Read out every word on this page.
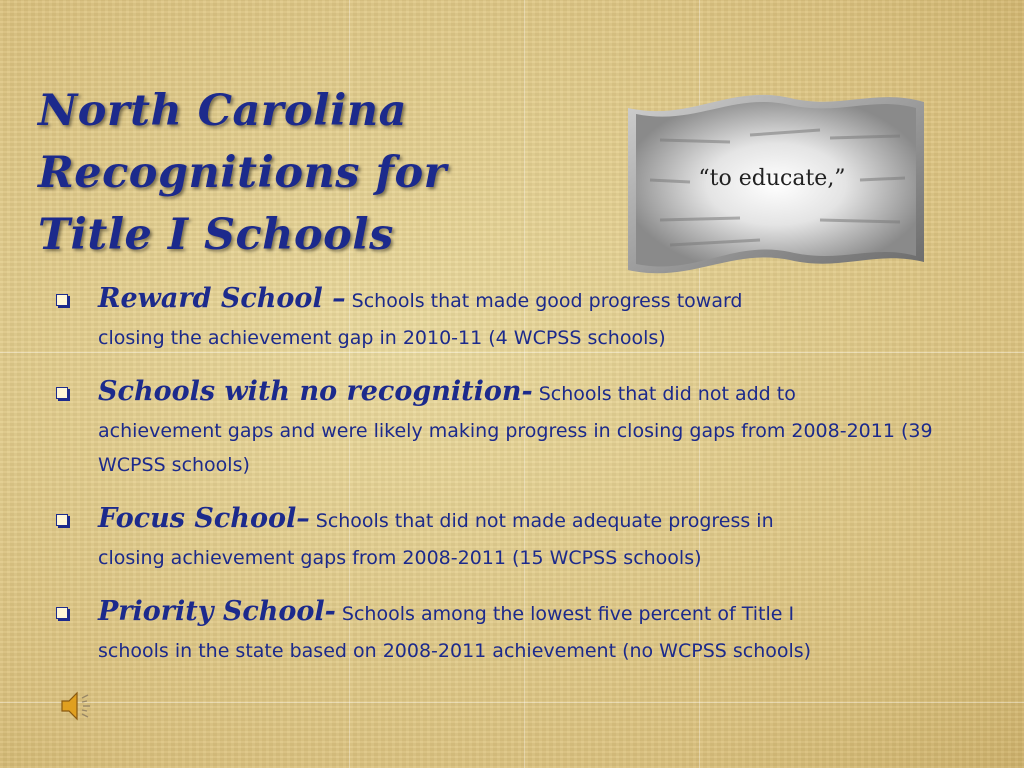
North Carolina
Recognitions for
Title I Schools
“to educate,”
Reward School – Schools that made good progress toward
closing the achievement gap in 2010-11 (4 WCPSS schools)
Schools with no recognition- Schools that did not add to
achievement gaps and were likely making progress in closing gaps from 2008-2011 (39 WCPSS schools)
Focus School– Schools that did not made adequate progress in
closing achievement gaps from 2008-2011 (15 WCPSS schools)
Priority School- Schools among the lowest five percent of Title I
schools in the state based on 2008-2011 achievement (no WCPSS schools)
